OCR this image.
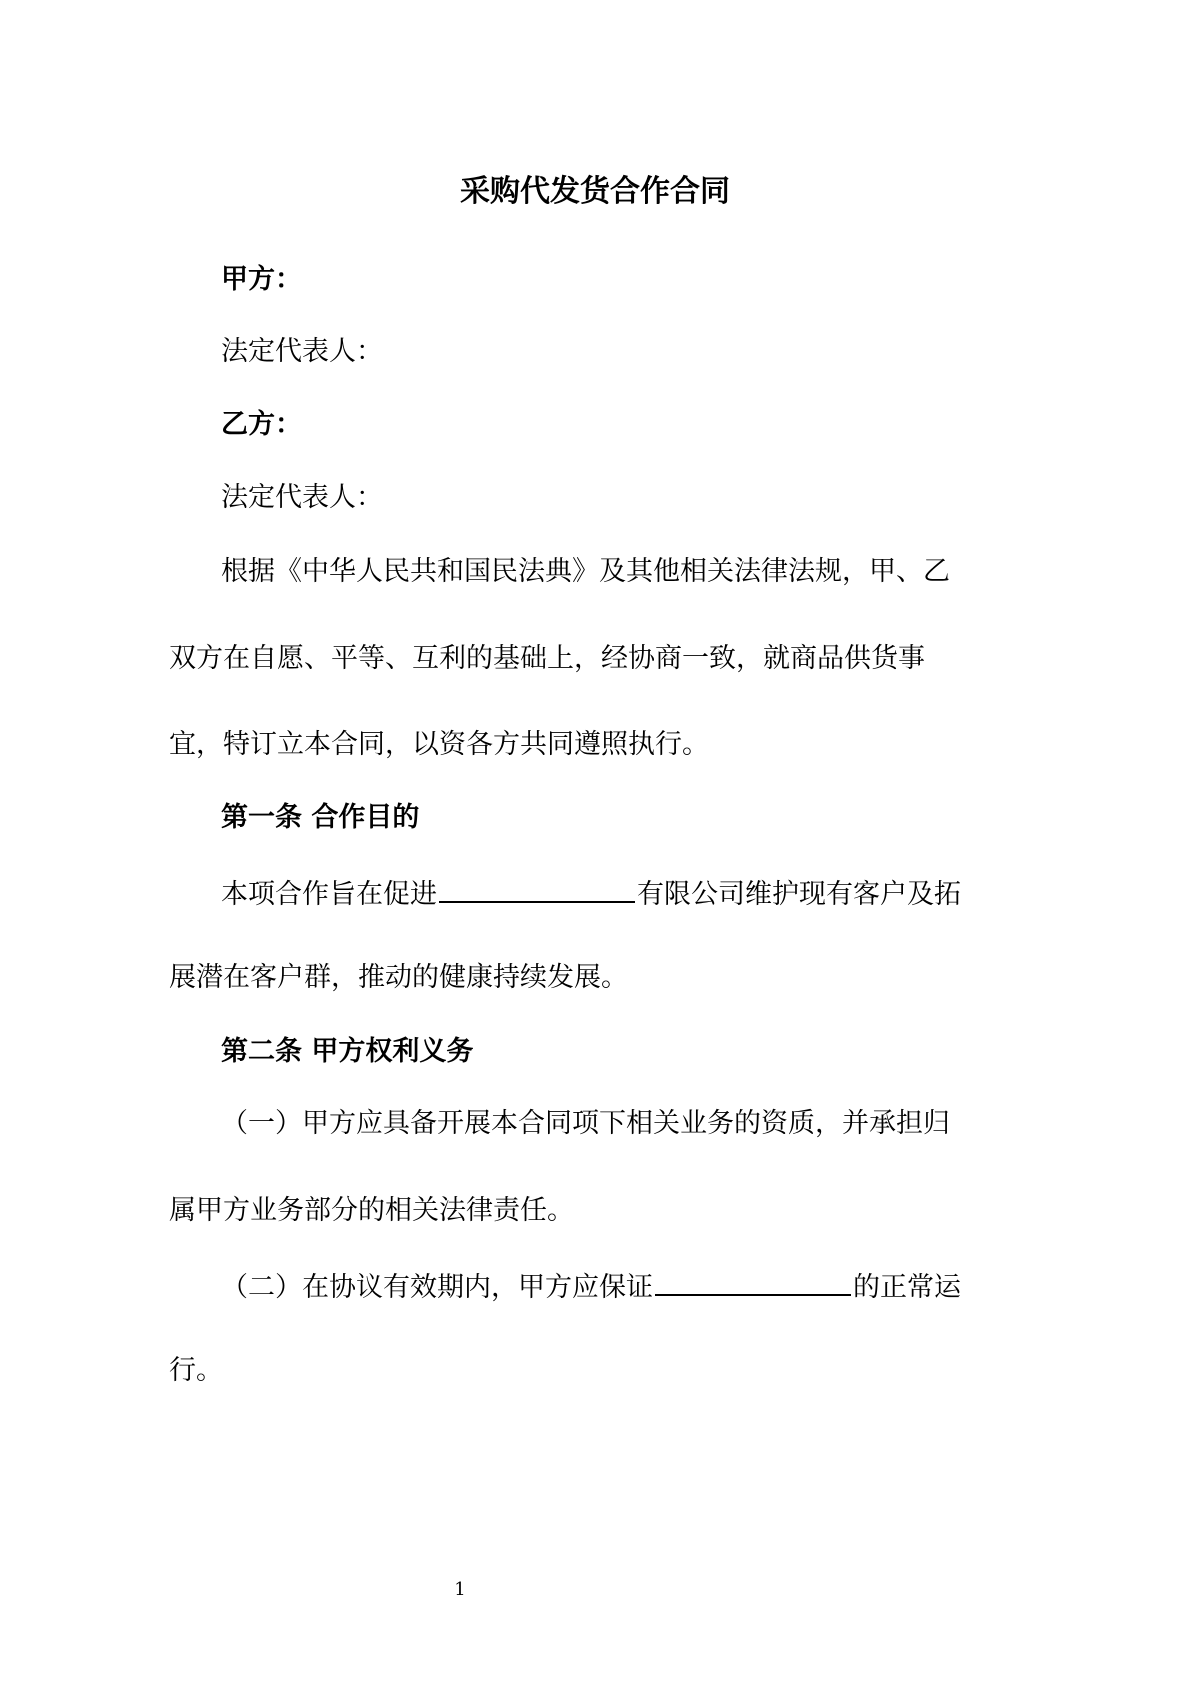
采购代发货合作合同
甲方：
法定代表人：
乙方：
法定代表人：
根据《中华人民共和国民法典》及其他相关法律法规，甲、乙
双方在自愿、平等、互利的基础上，经协商一致，就商品供货事
宜，特订立本合同，以资各方共同遵照执行。
第一条 合作目的
本项合作旨在促进	有限公司维护现有客户及拓
展潜在客户群，推动的健康持续发展。
第二条 甲方权利义务
（一）甲方应具备开展本合同项下相关业务的资质，并承担归
属甲方业务部分的相关法律责任。
（二）在协议有效期内，甲方应保证	的正常运
行。
1
